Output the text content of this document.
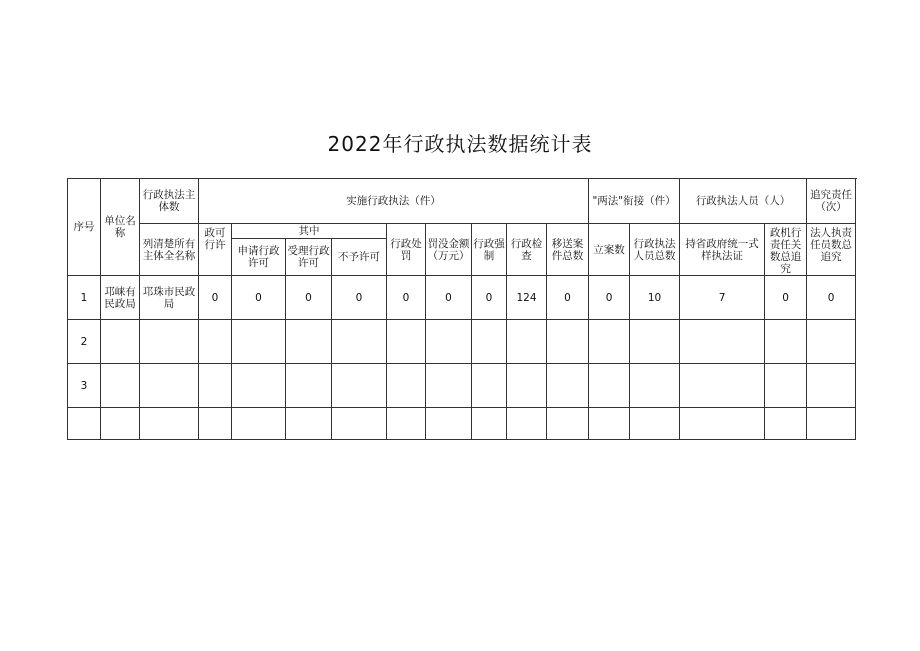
2022年行政执法数据统计表
序号	单位名称	行政执法主体数	实施行政执法（件）									"两法"衔接（件）		行政执法人员（人）		追究责任（次）
		列清楚所有主体全名称	政可行许	其中			行政处罚	罚没金额（万元）	行政强制	行政检查	移送案件总数	立案数	行政执法人员总数	持省政府统一式样执法证	政机行责任关数总追究	法人执责任员数总追究
				申请行政许可	受理行政许可	不予许可										
1	邛崃有民政局	邛珠市民政局	0	0	0	0	0	0	0	124	0	0	10	7	0	0
2																
3																
